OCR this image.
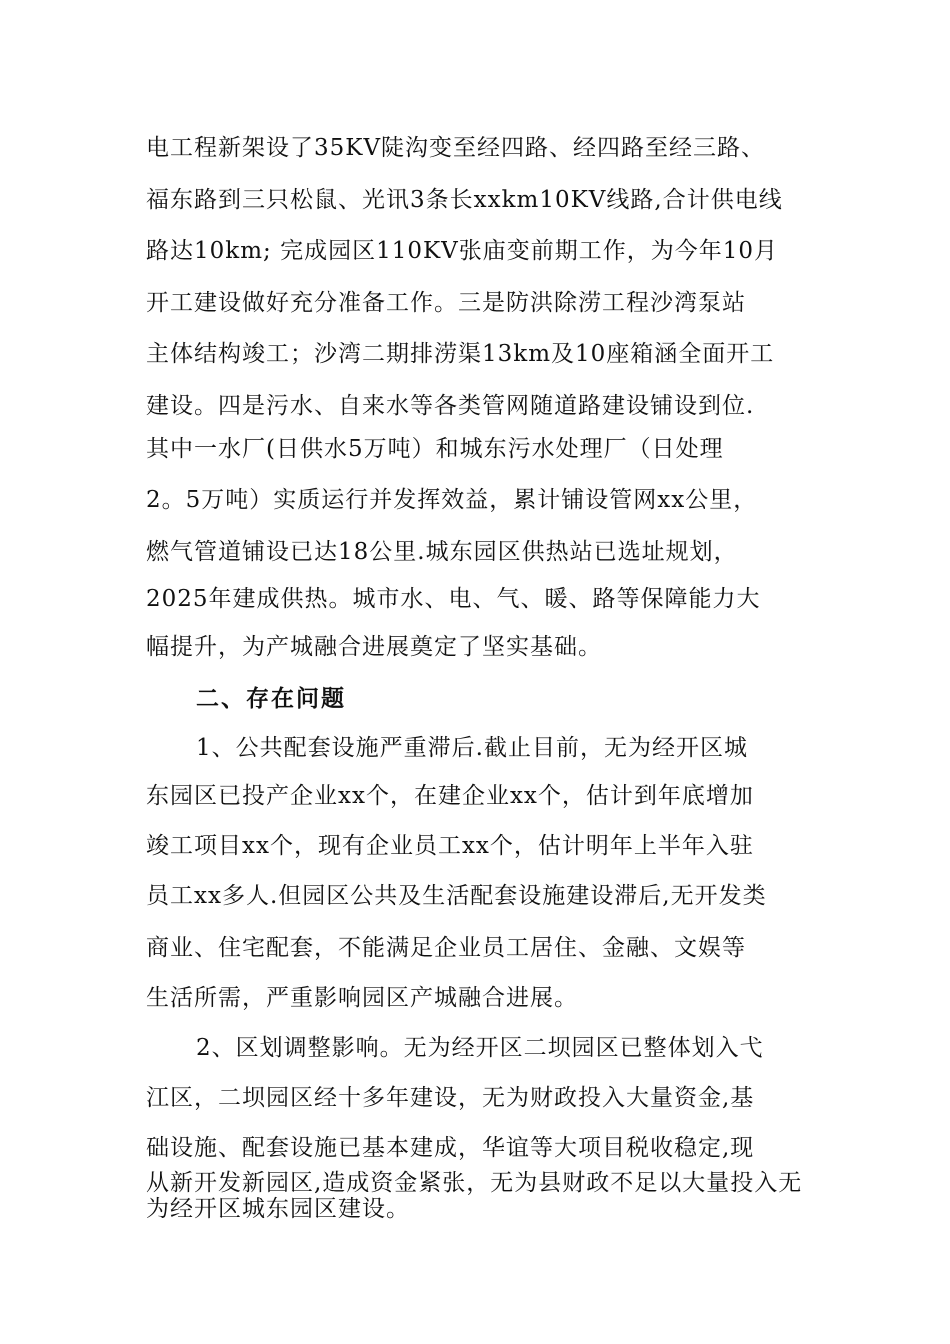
电工程新架设了35KV陡沟变至经四路、经四路至经三路、
福东路到三只松鼠、光讯3条长xxkm10KV线路,合计供电线
路达10km; 完成园区110KV张庙变前期工作，为今年10月
开工建设做好充分准备工作。三是防洪除涝工程沙湾泵站
主体结构竣工；沙湾二期排涝渠13km及10座箱涵全面开工
建设。四是污水、自来水等各类管网随道路建设铺设到位.
其中一水厂(日供水5万吨）和城东污水处理厂（日处理
2。5万吨）实质运行并发挥效益，累计铺设管网xx公里，
燃气管道铺设已达18公里.城东园区供热站已选址规划，
2025年建成供热。城市水、电、气、暖、路等保障能力大
幅提升，为产城融合进展奠定了坚实基础。
二、存在问题
1、公共配套设施严重滞后.截止目前，无为经开区城
东园区已投产企业xx个，在建企业xx个，估计到年底增加
竣工项目xx个，现有企业员工xx个，估计明年上半年入驻
员工xx多人.但园区公共及生活配套设施建设滞后,无开发类
商业、住宅配套，不能满足企业员工居住、金融、文娱等
生活所需，严重影响园区产城融合进展。
2、区划调整影响。无为经开区二坝园区已整体划入弋
江区，二坝园区经十多年建设，无为财政投入大量资金,基
础设施、配套设施已基本建成，华谊等大项目税收稳定,现
从新开发新园区,造成资金紧张，无为县财政不足以大量投入无
为经开区城东园区建设。
